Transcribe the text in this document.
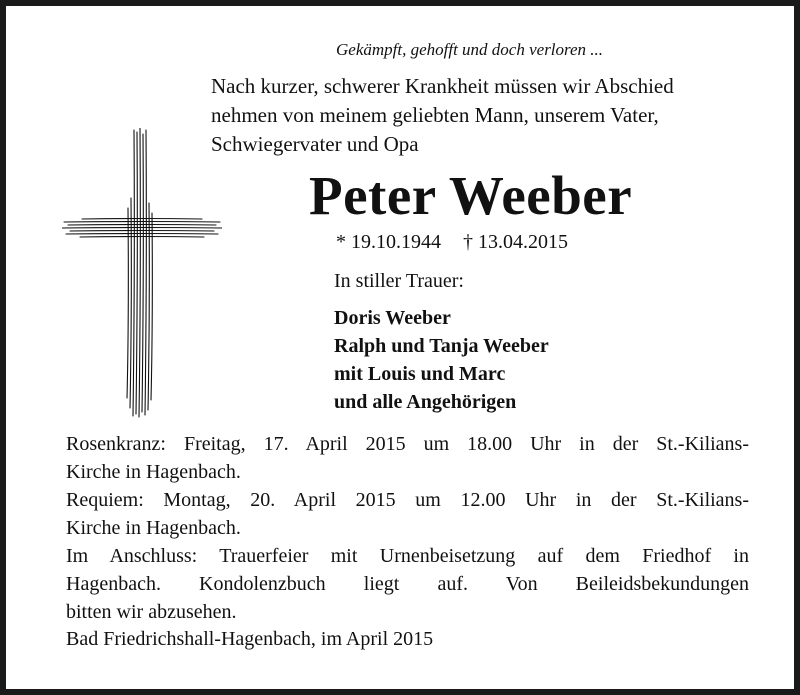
Gekämpft, gehofft und doch verloren ...
Nach kurzer, schwerer Krankheit müssen wir Abschied
nehmen von meinem geliebten Mann, unserem Vater,
Schwiegervater und Opa
Peter Weeber
* 19.10.1944 † 13.04.2015
In stiller Trauer:
Doris Weeber
Ralph und Tanja Weeber
mit Louis und Marc
und alle Angehörigen
Rosenkranz: Freitag, 17. April 2015 um 18.00 Uhr in der St.-Kilians-
Kirche in Hagenbach.
Requiem: Montag, 20. April 2015 um 12.00 Uhr in der St.-Kilians-
Kirche in Hagenbach.
Im Anschluss: Trauerfeier mit Urnenbeisetzung auf dem Friedhof in
Hagenbach. Kondolenzbuch liegt auf. Von Beileidsbekundungen
bitten wir abzusehen.
Bad Friedrichshall-Hagenbach, im April 2015
